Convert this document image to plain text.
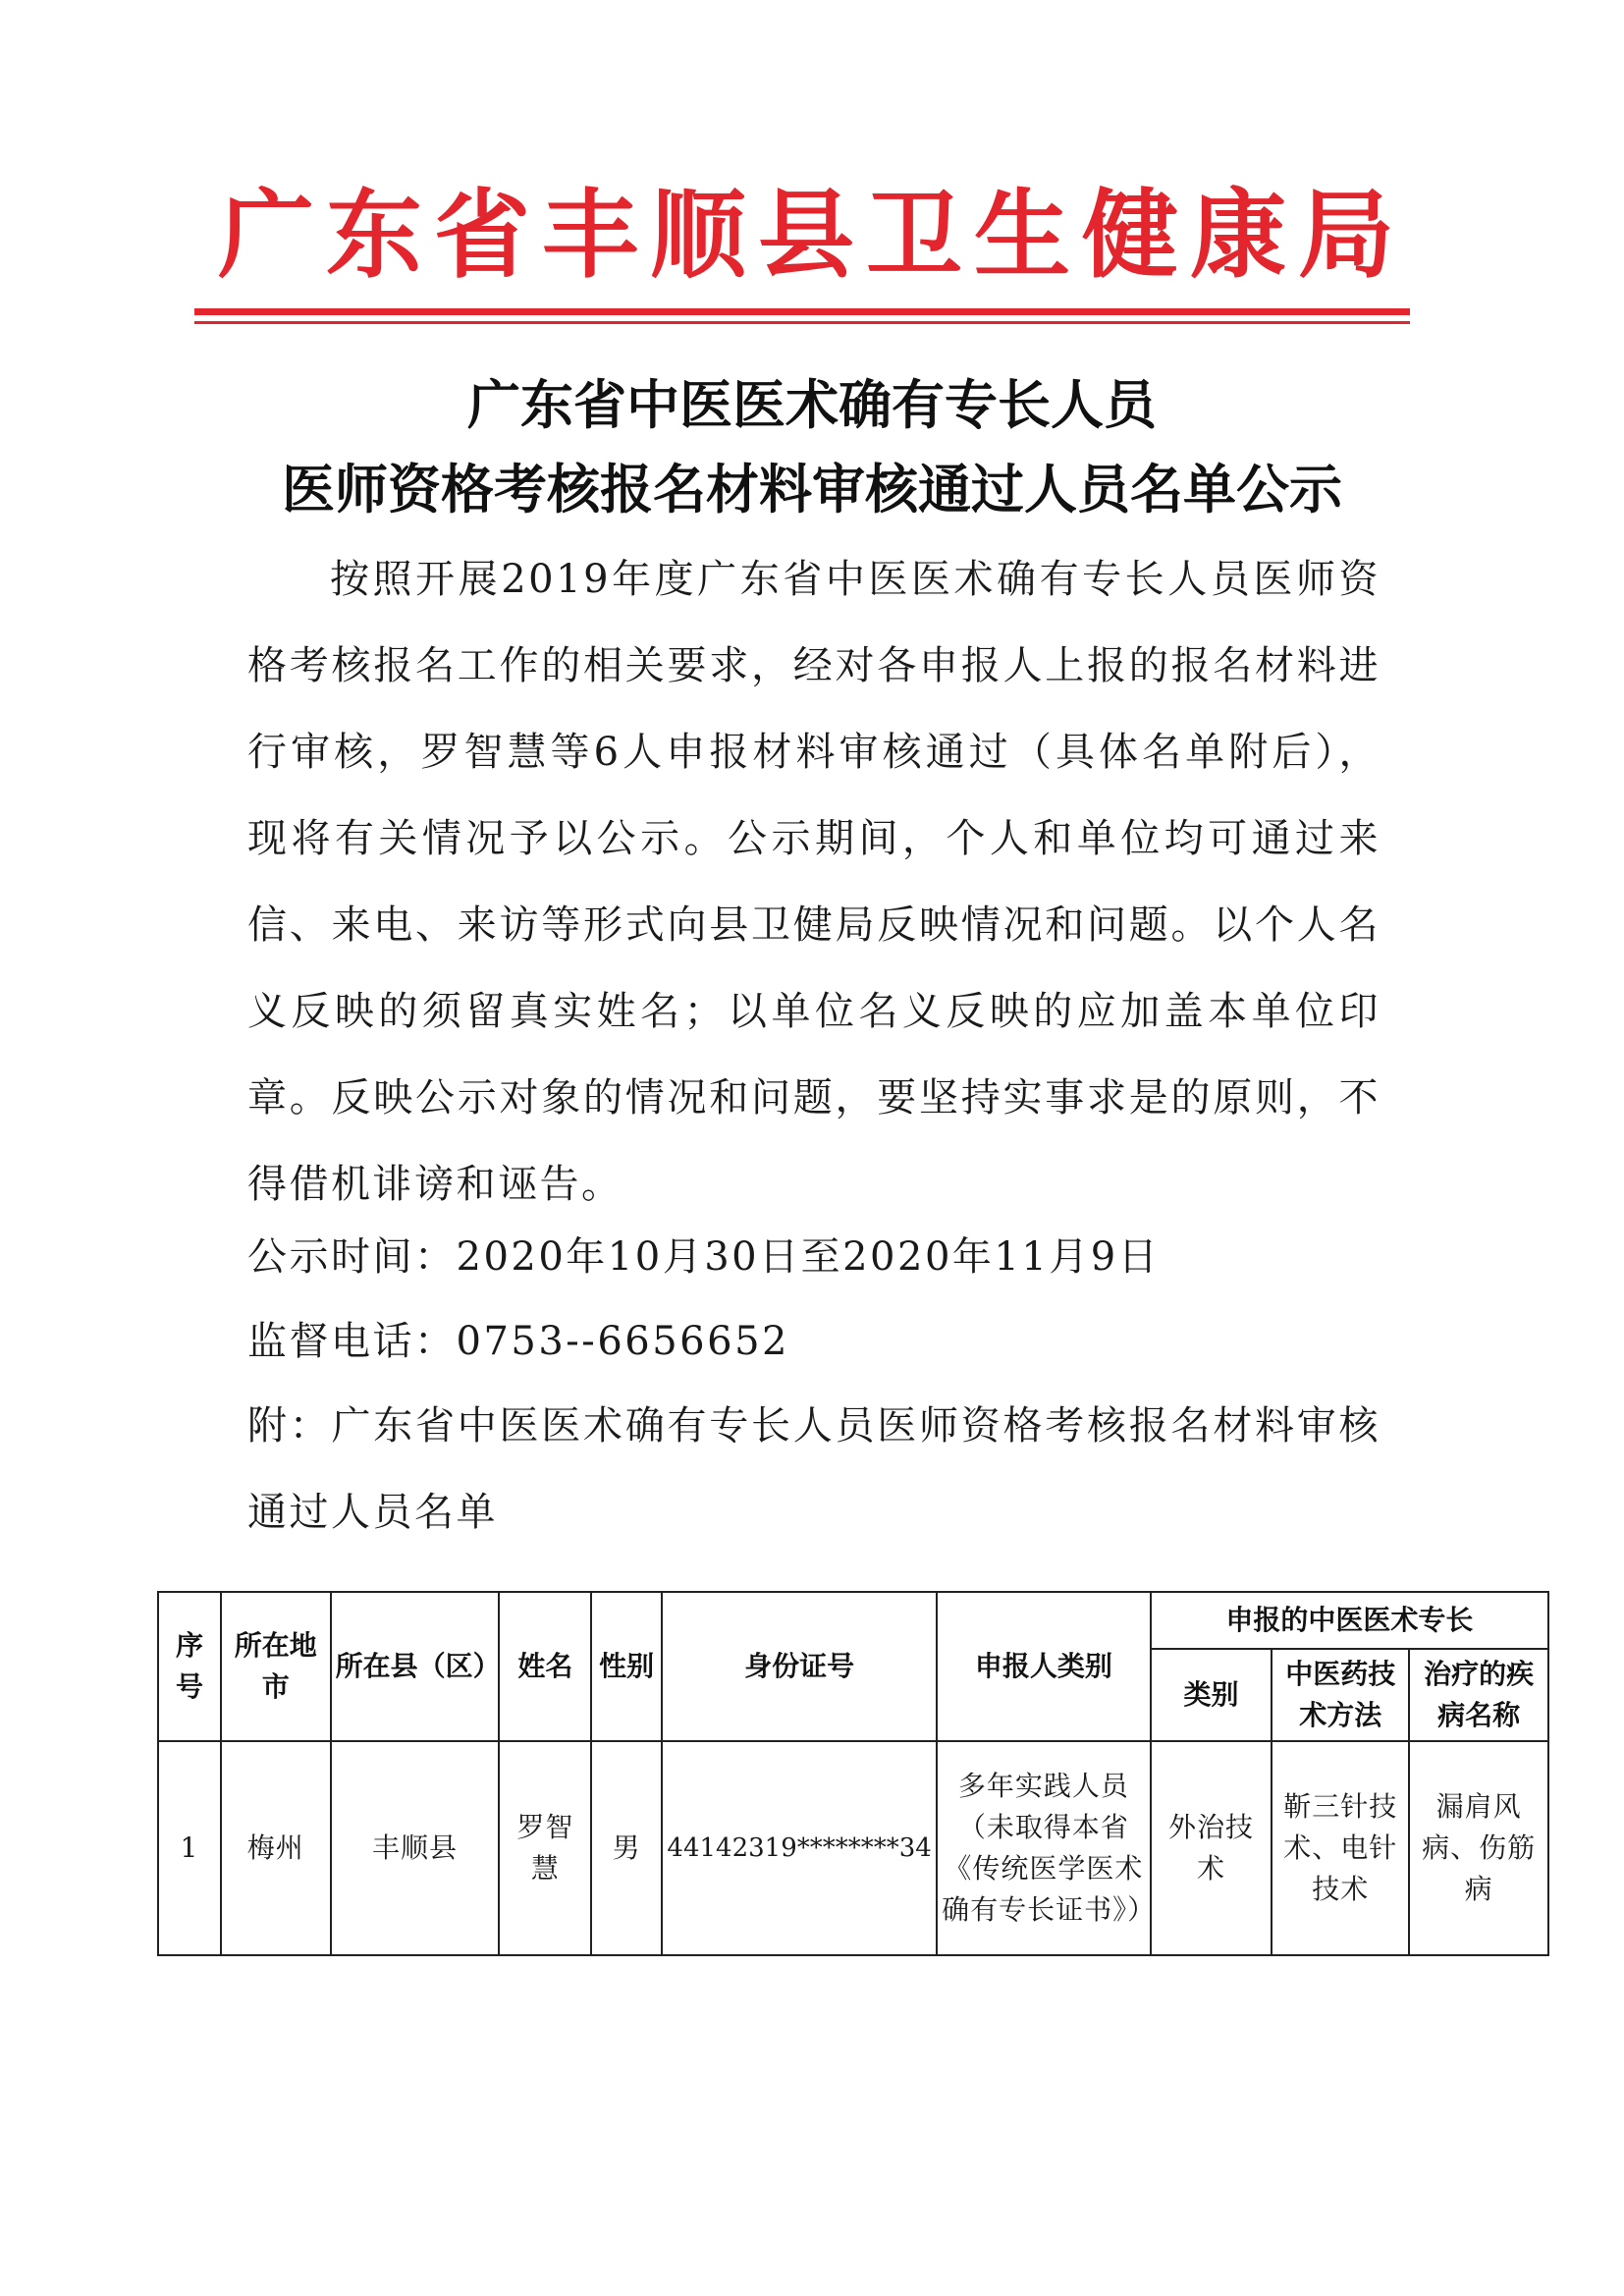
广东省丰顺县卫生健康局
广东省中医医术确有专长人员
医师资格考核报名材料审核通过人员名单公示

按照开展2019年度广东省中医医术确有专长人员医师资格考核报名工作的相关要求，经对各申报人上报的报名材料进行审核，罗智慧等6人申报材料审核通过（具体名单附后），现将有关情况予以公示。公示期间，个人和单位均可通过来信、来电、来访等形式向县卫健局反映情况和问题。以个人名义反映的须留真实姓名；以单位名义反映的应加盖本单位印章。反映公示对象的情况和问题，要坚持实事求是的原则，不得借机诽谤和诬告。

公示时间：2020年10月30日至2020年11月9日

监督电话：0753--6656652

附：广东省中医医术确有专长人员医师资格考核报名材料审核通过人员名单

序号	所在地市	所在县（区）	姓名	性别	身份证号	申报人类别	申报的中医医术专长		
							类别	中医药技术方法	治疗的疾病名称
1	梅州	丰顺县	罗智慧	男	44142319********34	多年实践人员（未取得本省《传统医学医术确有专长证书》）	外治技术	靳三针技术、电针技术	漏肩风病、伤筋病
